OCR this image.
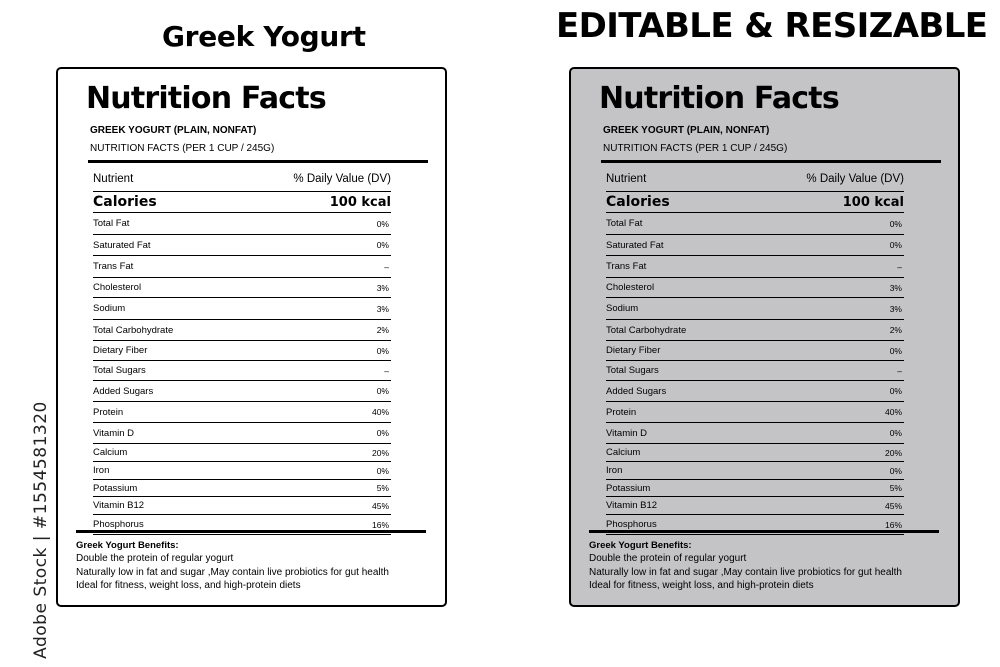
Greek Yogurt	EDITABLE & RESIZABLE
Adobe Stock | #1554581320
Nutrition Facts
GREEK YOGURT (PLAIN, NONFAT)
NUTRITION FACTS (PER 1 CUP / 245G)
Nutrient	% Daily Value (DV)
Calories	100 kcal
Total Fat	0%
Saturated Fat	0%
Trans Fat	–
Cholesterol	3%
Sodium	3%
Total Carbohydrate	2%
Dietary Fiber	0%
Total Sugars	–
Added Sugars	0%
Protein	40%
Vitamin D	0%
Calcium	20%
Iron	0%
Potassium	5%
Vitamin B12	45%
Phosphorus	16%
Greek Yogurt Benefits:
Double the protein of regular yogurt
Naturally low in fat and sugar ,May contain live probiotics for gut health
Ideal for fitness, weight loss, and high-protein diets
Nutrition Facts
GREEK YOGURT (PLAIN, NONFAT)
NUTRITION FACTS (PER 1 CUP / 245G)
Nutrient	% Daily Value (DV)
Calories	100 kcal
Total Fat	0%
Saturated Fat	0%
Trans Fat	–
Cholesterol	3%
Sodium	3%
Total Carbohydrate	2%
Dietary Fiber	0%
Total Sugars	–
Added Sugars	0%
Protein	40%
Vitamin D	0%
Calcium	20%
Iron	0%
Potassium	5%
Vitamin B12	45%
Phosphorus	16%
Greek Yogurt Benefits:
Double the protein of regular yogurt
Naturally low in fat and sugar ,May contain live probiotics for gut health
Ideal for fitness, weight loss, and high-protein diets
